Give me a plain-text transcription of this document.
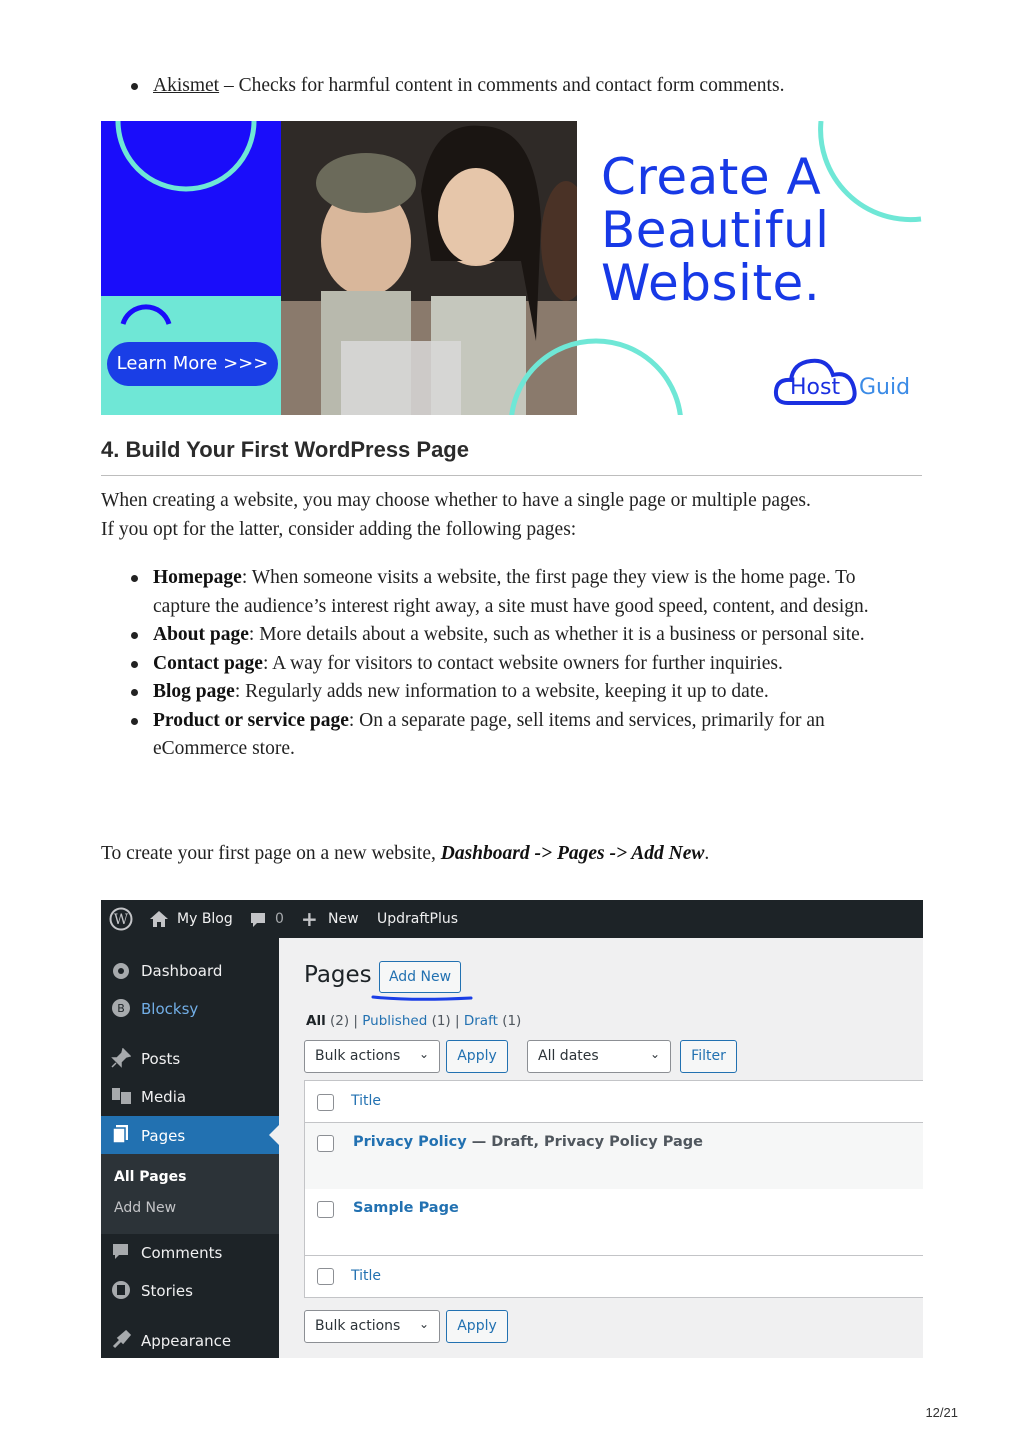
Akismet – Checks for harmful content in comments and contact form comments.
Learn More >>>
Create A
Beautiful
Website.
Host Guid
4. Build Your First WordPress Page
When creating a website, you may choose whether to have a single page or multiple pages.
If you opt for the latter, consider adding the following pages:
Homepage: When someone visits a website, the first page they view is the home page. To capture the audience’s interest right away, a site must have good speed, content, and design.
About page: More details about a website, such as whether it is a business or personal site.
Contact page: A way for visitors to contact website owners for further inquiries.
Blog page: Regularly adds new information to a website, keeping it up to date.
Product or service page: On a separate page, sell items and services, primarily for an eCommerce store.
To create your first page on a new website, Dashboard -> Pages -> Add New.
W	My Blog	0 + New UpdraftPlus
Dashboard
B Blocksy
Posts
Media
Pages
All Pages
Add New
Comments
Stories
Appearance
Pages	Add New
All (2) | Published (1) | Draft (1)
Bulk actions ⌄	Apply	All dates	⌄	Filter
Title
Privacy Policy — Draft, Privacy Policy Page
Sample Page
Title
Bulk actions ⌄	Apply
12/21
